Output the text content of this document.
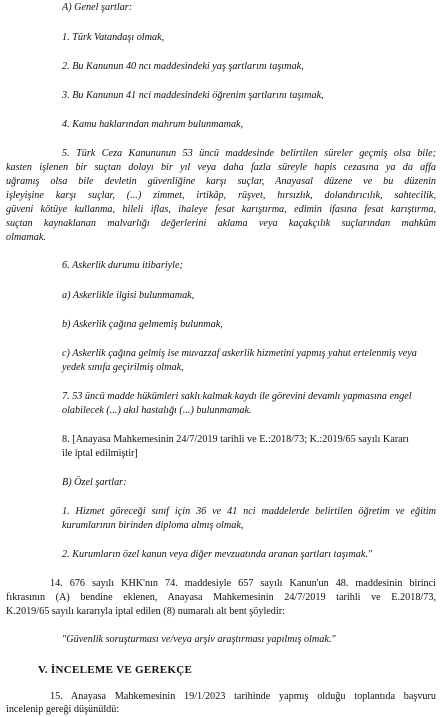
A) Genel şartlar:
1. Türk Vatandaşı olmak,
2. Bu Kanunun 40 ncı maddesindeki yaş şartlarını taşımak,
3. Bu Kanunun 41 nci maddesindeki öğrenim şartlarını taşımak,
4. Kamu haklarından mahrum bulunmamak,
5. Türk Ceza Kanununun 53 üncü maddesinde belirtilen süreler geçmiş olsa bile;
kasten işlenen bir suçtan dolayı bir yıl veya daha fazla süreyle hapis cezasına ya da affa
uğramış olsa bile devletin güvenliğine karşı suçlar, Anayasal düzene ve bu düzenin
işleyişine karşı suçlar, (...) zimmet, irtikâp, rüşvet, hırsızlık, dolandırıcılık, sahtecilik,
güveni kötüye kullanma, hileli iflas, ihaleye fesat karıştırma, edimin ifasına fesat karıştırma,
suçtan kaynaklanan malvarlığı değerlerini aklama veya kaçakçılık suçlarından mahkûm
olmamak.
6. Askerlik durumu itibariyle;
a) Askerlikle ilgisi bulunmamak,
b) Askerlik çağına gelmemiş bulunmak,
c) Askerlik çağına gelmiş ise muvazzaf askerlik hizmetini yapmış yahut ertelenmiş veya
yedek sınıfa geçirilmiş olmak,
7. 53 üncü madde hükümleri saklı kalmak kaydı ile görevini devamlı yapmasına engel
olabilecek (...) akıl hastalığı (...) bulunmamak.
8. [Anayasa Mahkemesinin 24/7/2019 tarihli ve E.:2018/73; K.:2019/65 sayılı Kararı
ile iptal edilmiştir]
B) Özel şartlar:
1. Hizmet göreceği sınıf için 36 ve 41 nci maddelerde belirtilen öğretim ve eğitim
kurumlarının birinden diploma almış olmak,
2. Kurumların özel kanun veya diğer mevzuatında aranan şartları taşımak."
14. 676 sayılı KHK'nın 74. maddesiyle 657 sayılı Kanun'un 48. maddesinin birinci
fıkrasının (A) bendine eklenen, Anayasa Mahkemesinin 24/7/2019 tarihli ve E.2018/73,
K.2019/65 sayılı kararıyla iptal edilen (8) numaralı alt bent şöyledir:
"Güvenlik soruşturması ve/veya arşiv araştırması yapılmış olmak."
V. İNCELEME VE GEREKÇE
15. Anayasa Mahkemesinin 19/1/2023 tarihinde yapmış olduğu toplantıda başvuru
incelenip gereği düşünüldü:
